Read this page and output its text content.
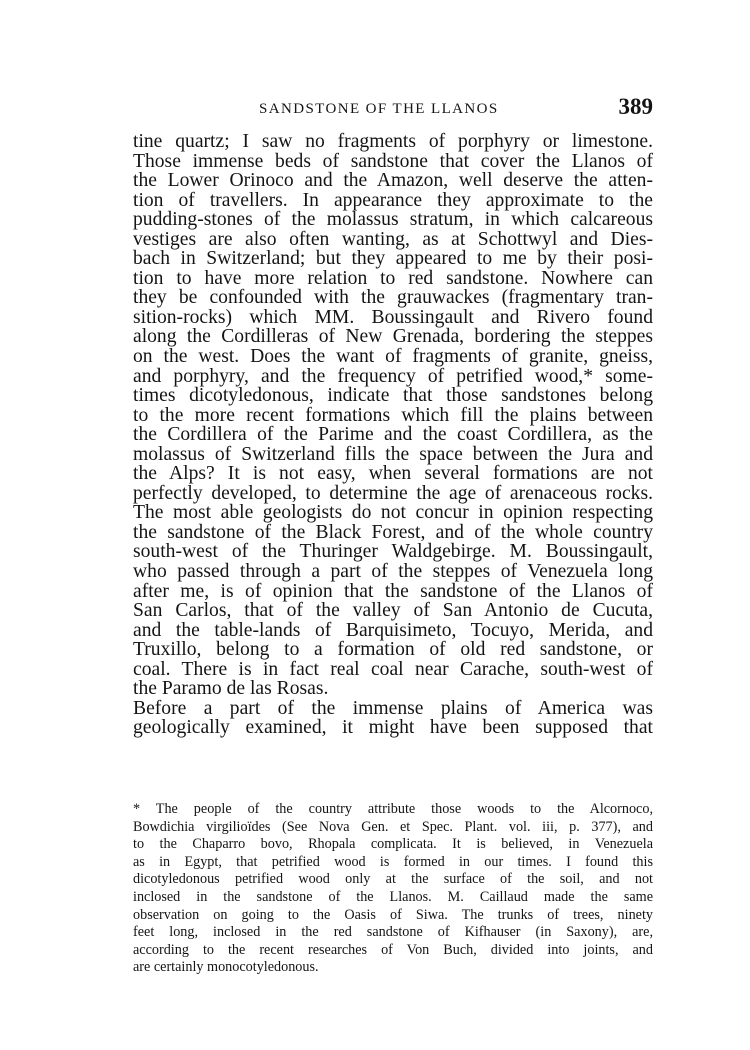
SANDSTONE OF THE LLANOS	389
tine quartz; I saw no fragments of porphyry or limestone.
Those immense beds of sandstone that cover the Llanos of
the Lower Orinoco and the Amazon, well deserve the atten-
tion of travellers. In appearance they approximate to the
pudding-stones of the molassus stratum, in which calcareous
vestiges are also often wanting, as at Schottwyl and Dies-
bach in Switzerland; but they appeared to me by their posi-
tion to have more relation to red sandstone. Nowhere can
they be confounded with the grauwackes (fragmentary tran-
sition-rocks) which MM. Boussingault and Rivero found
along the Cordilleras of New Grenada, bordering the steppes
on the west. Does the want of fragments of granite, gneiss,
and porphyry, and the frequency of petrified wood,* some-
times dicotyledonous, indicate that those sandstones belong
to the more recent formations which fill the plains between
the Cordillera of the Parime and the coast Cordillera, as the
molassus of Switzerland fills the space between the Jura and
the Alps? It is not easy, when several formations are not
perfectly developed, to determine the age of arenaceous rocks.
The most able geologists do not concur in opinion respecting
the sandstone of the Black Forest, and of the whole country
south-west of the Thuringer Waldgebirge. M. Boussingault,
who passed through a part of the steppes of Venezuela long
after me, is of opinion that the sandstone of the Llanos of
San Carlos, that of the valley of San Antonio de Cucuta,
and the table-lands of Barquisimeto, Tocuyo, Merida, and
Truxillo, belong to a formation of old red sandstone, or
coal. There is in fact real coal near Carache, south-west of
the Paramo de las Rosas.
Before a part of the immense plains of America was
geologically examined, it might have been supposed that
* The people of the country attribute those woods to the Alcornoco,
Bowdichia virgilioïdes (See Nova Gen. et Spec. Plant. vol. iii, p. 377), and
to the Chaparro bovo, Rhopala complicata. It is believed, in Venezuela
as in Egypt, that petrified wood is formed in our times. I found this
dicotyledonous petrified wood only at the surface of the soil, and not
inclosed in the sandstone of the Llanos. M. Caillaud made the same
observation on going to the Oasis of Siwa. The trunks of trees, ninety
feet long, inclosed in the red sandstone of Kifhauser (in Saxony), are,
according to the recent researches of Von Buch, divided into joints, and
are certainly monocotyledonous.
